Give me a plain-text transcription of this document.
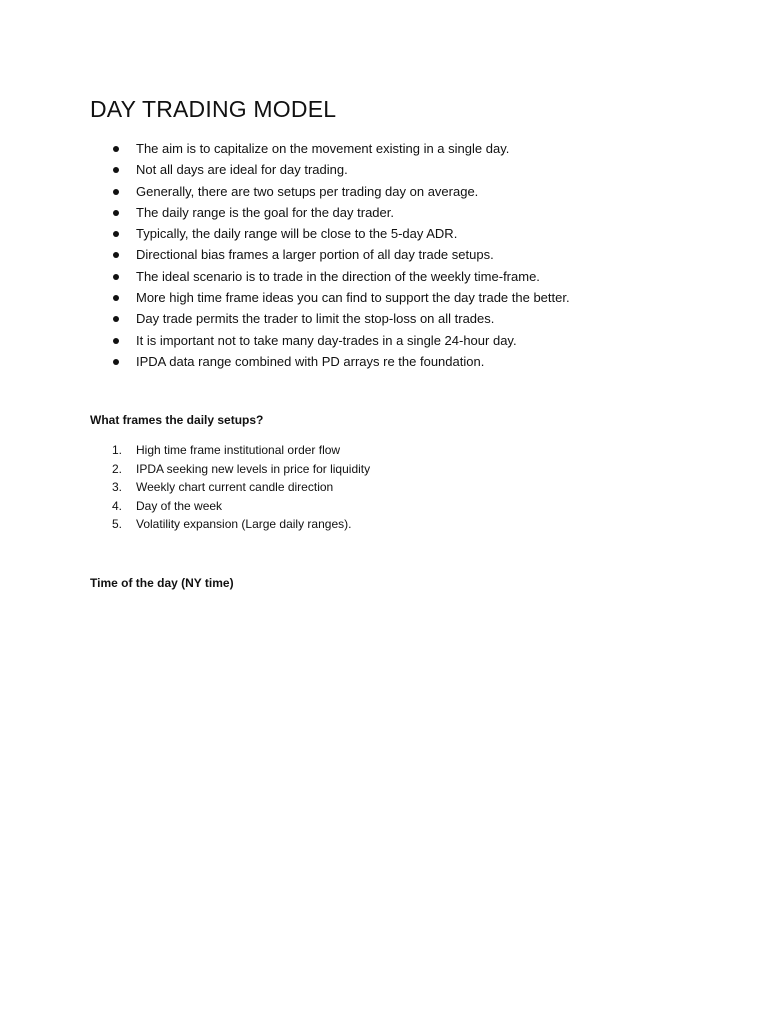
DAY TRADING MODEL
The aim is to capitalize on the movement existing in a single day.
Not all days are ideal for day trading.
Generally, there are two setups per trading day on average.
The daily range is the goal for the day trader.
Typically, the daily range will be close to the 5-day ADR.
Directional bias frames a larger portion of all day trade setups.
The ideal scenario is to trade in the direction of the weekly time-frame.
More high time frame ideas you can find to support the day trade the better.
Day trade permits the trader to limit the stop-loss on all trades.
It is important not to take many day-trades in a single 24-hour day.
IPDA data range combined with PD arrays re the foundation.
What frames the daily setups?
1. High time frame institutional order flow
2. IPDA seeking new levels in price for liquidity
3. Weekly chart current candle direction
4. Day of the week
5. Volatility expansion (Large daily ranges).
Time of the day (NY time)
